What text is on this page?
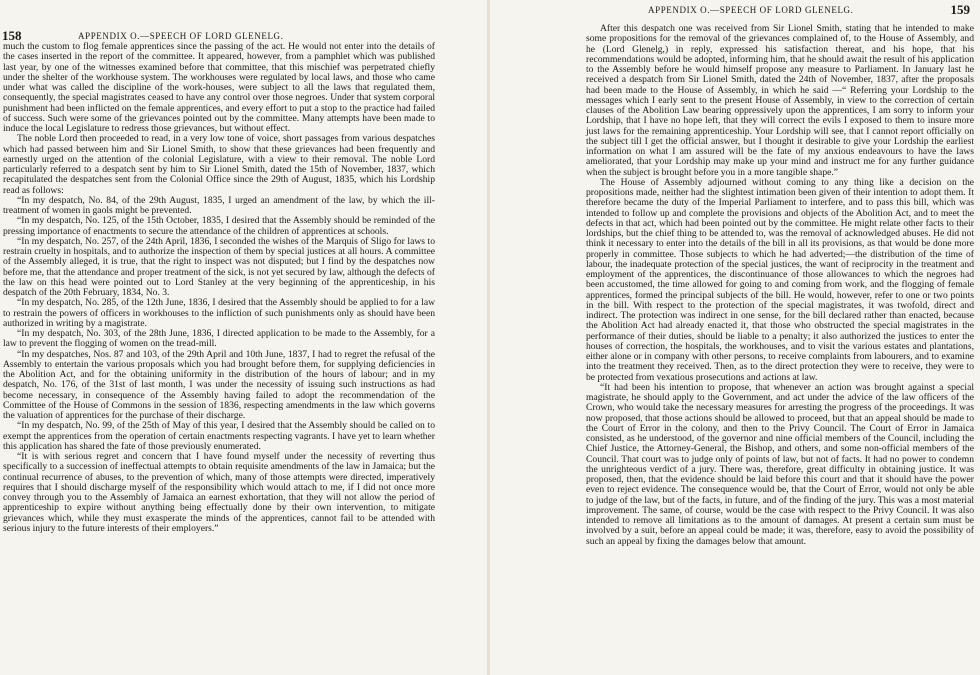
158	APPENDIX O.—SPEECH OF LORD GLENELG.

much the custom to flog female apprentices since the passing of the act. He would not enter into the details of the cases inserted in the report of the committee. It appeared, however, from a pamphlet which was published last year, by one of the witnesses examined before that committee, that this mischief was perpetrated chiefly under the shelter of the workhouse system. The workhouses were regulated by local laws, and those who came under what was called the discipline of the work-houses, were subject to all the laws that regulated them, consequently, the special magistrates ceased to have any control over those negroes. Under that system corporal punishment had been inflicted on the female apprentices, and every effort to put a stop to the practice had failed of success. Such were some of the grievances pointed out by the committee. Many attempts have been made to induce the local Legislature to redress those grievances, but without effect.

The noble Lord then proceeded to read, in a very low tone of voice, short passages from various despatches which had passed between him and Sir Lionel Smith, to show that these grievances had been frequently and earnestly urged on the attention of the colonial Legislature, with a view to their removal. The noble Lord particularly referred to a despatch sent by him to Sir Lionel Smith, dated the 15th of November, 1837, which recapitulated the despatches sent from the Colonial Office since the 29th of August, 1835, which his Lordship read as follows:

“In my despatch, No. 84, of the 29th August, 1835, I urged an amendment of the law, by which the ill-treatment of women in gaols might be prevented.

“In my despatch, No. 125, of the 15th October, 1835, I desired that the Assembly should be reminded of the pressing importance of enactments to secure the attendance of the children of apprentices at schools.

“In my despatch, No. 257, of the 24th April, 1836, I seconded the wishes of the Marquis of Sligo for laws to restrain cruelty in hospitals, and to authorize the inspection of them by special justices at all hours. A committee of the Assembly alleged, it is true, that the right to inspect was not disputed; but I find by the despatches now before me, that the attendance and proper treatment of the sick, is not yet secured by law, although the defects of the law on this head were pointed out to Lord Stanley at the very beginning of the apprenticeship, in his despatch of the 20th February, 1834, No. 3.

“In my despatch, No. 285, of the 12th June, 1836, I desired that the Assembly should be applied to for a law to restrain the powers of officers in workhouses to the infliction of such punishments only as should have been authorized in writing by a magistrate.

“In my despatch, No. 303, of the 28th June, 1836, I directed application to be made to the Assembly, for a law to prevent the flogging of women on the tread-mill.

“In my despatches, Nos. 87 and 103, of the 29th April and 10th June, 1837, I had to regret the refusal of the Assembly to entertain the various proposals which you had brought before them, for supplying deficiencies in the Abolition Act, and for the obtaining uniformity in the distribution of the hours of labour; and in my despatch, No. 176, of the 31st of last month, I was under the necessity of issuing such instructions as had become necessary, in consequence of the Assembly having failed to adopt the recommendation of the Committee of the House of Commons in the session of 1836, respecting amendments in the law which governs the valuation of apprentices for the purchase of their discharge.

“In my despatch, No. 99, of the 25th of May of this year, I desired that the Assembly should be called on to exempt the apprentices from the operation of certain enactments respecting vagrants. I have yet to learn whether this application has shared the fate of those previously enumerated.

“It is with serious regret and concern that I have found myself under the necessity of reverting thus specifically to a succession of ineffectual attempts to obtain requisite amendments of the law in Jamaica; but the continual recurrence of abuses, to the prevention of which, many of those attempts were directed, imperatively requires that I should discharge myself of the responsibility which would attach to me, if I did not once more convey through you to the Assembly of Jamaica an earnest exhortation, that they will not allow the period of apprenticeship to expire without anything being effectually done by their own intervention, to mitigate grievances which, while they must exasperate the minds of the apprentices, cannot fail to be attended with serious injury to the future interests of their employers.”

APPENDIX O.—SPEECH OF LORD GLENELG.	159

After this despatch one was received from Sir Lionel Smith, stating that he intended to make some propositions for the removal of the grievances complained of, to the House of Assembly, and he (Lord Glenelg,) in reply, expressed his satisfaction thereat, and his hope, that his recommendations would be adopted, informing him, that he should await the result of his application to the Assembly before he would himself propose any measure to Parliament. In January last he received a despatch from Sir Lionel Smith, dated the 24th of November, 1837, after the proposals had been made to the House of Assembly, in which he said —“ Referring your Lordship to the messages which I early sent to the present House of Assembly, in view to the correction of certain clauses of the Abolition Law bearing oppressively upon the apprentices, I am sorry to inform your Lordship, that I have no hope left, that they will correct the evils I exposed to them to insure more just laws for the remaining apprenticeship. Your Lordship will see, that I cannot report officially on the subject till I get the official answer, but I thought it desirable to give your Lordship the earliest information on what I am assured will be the fate of my anxious endeavours to have the laws ameliorated, that your Lordship may make up your mind and instruct me for any further guidance when the subject is brought before you in a more tangible shape.”

The House of Assembly adjourned without coming to any thing like a decision on the propositions made, neither had the slightest intimation been given of their intention to adopt them. It therefore became the duty of the Imperial Parliament to interfere, and to pass this bill, which was intended to follow up and complete the provisions and objects of the Abolition Act, and to meet the defects in that act, which had been pointed out by the committee. He might relate other facts to their lordships, but the chief thing to be attended to, was the removal of acknowledged abuses. He did not think it necessary to enter into the details of the bill in all its provisions, as that would be done more properly in committee. Those subjects to which he had adverted;—the distribution of the time of labour, the inadequate protection of the special justices, the want of reciprocity in the treatment and employment of the apprentices, the discontinuance of those allowances to which the negroes had been accustomed, the time allowed for going to and coming from work, and the flogging of female apprentices, formed the principal subjects of the bill. He would, however, refer to one or two points in the bill. With respect to the protection of the special magistrates, it was twofold, direct and indirect. The protection was indirect in one sense, for the bill declared rather than enacted, because the Abolition Act had already enacted it, that those who obstructed the special magistrates in the performance of their duties, should be liable to a penalty; it also authorized the justices to enter the houses of correction, the hospitals, the workhouses, and to visit the various estates and plantations, either alone or in company with other persons, to receive complaints from labourers, and to examine into the treatment they received. Then, as to the direct protection they were to receive, they were to be protected from vexatious prosecutions and actions at law.

“It had been his intention to propose, that whenever an action was brought against a special magistrate, he should apply to the Government, and act under the advice of the law officers of the Crown, who would take the necessary measures for arresting the progress of the proceedings. It was now proposed, that those actions should be allowed to proceed, but that an appeal should be made to the Court of Error in the colony, and then to the Privy Council. The Court of Error in Jamaica consisted, as he understood, of the governor and nine official members of the Council, including the Chief Justice, the Attorney-General, the Bishop, and others, and some non-official members of the Council. That court was to judge only of points of law, but not of facts. It had no power to condemn the unrighteous verdict of a jury. There was, therefore, great difficulty in obtaining justice. It was proposed, then, that the evidence should be laid before this court and that it should have the power even to reject evidence. The consequence would be, that the Court of Error, would not only be able to judge of the law, but of the facts, in future, and of the finding of the jury. This was a most material improvement. The same, of course, would be the case with respect to the Privy Council. It was also intended to remove all limitations as to the amount of damages. At present a certain sum must be involved by a suit, before an appeal could be made; it was, therefore, easy to avoid the possibility of such an appeal by fixing the damages below that amount.
